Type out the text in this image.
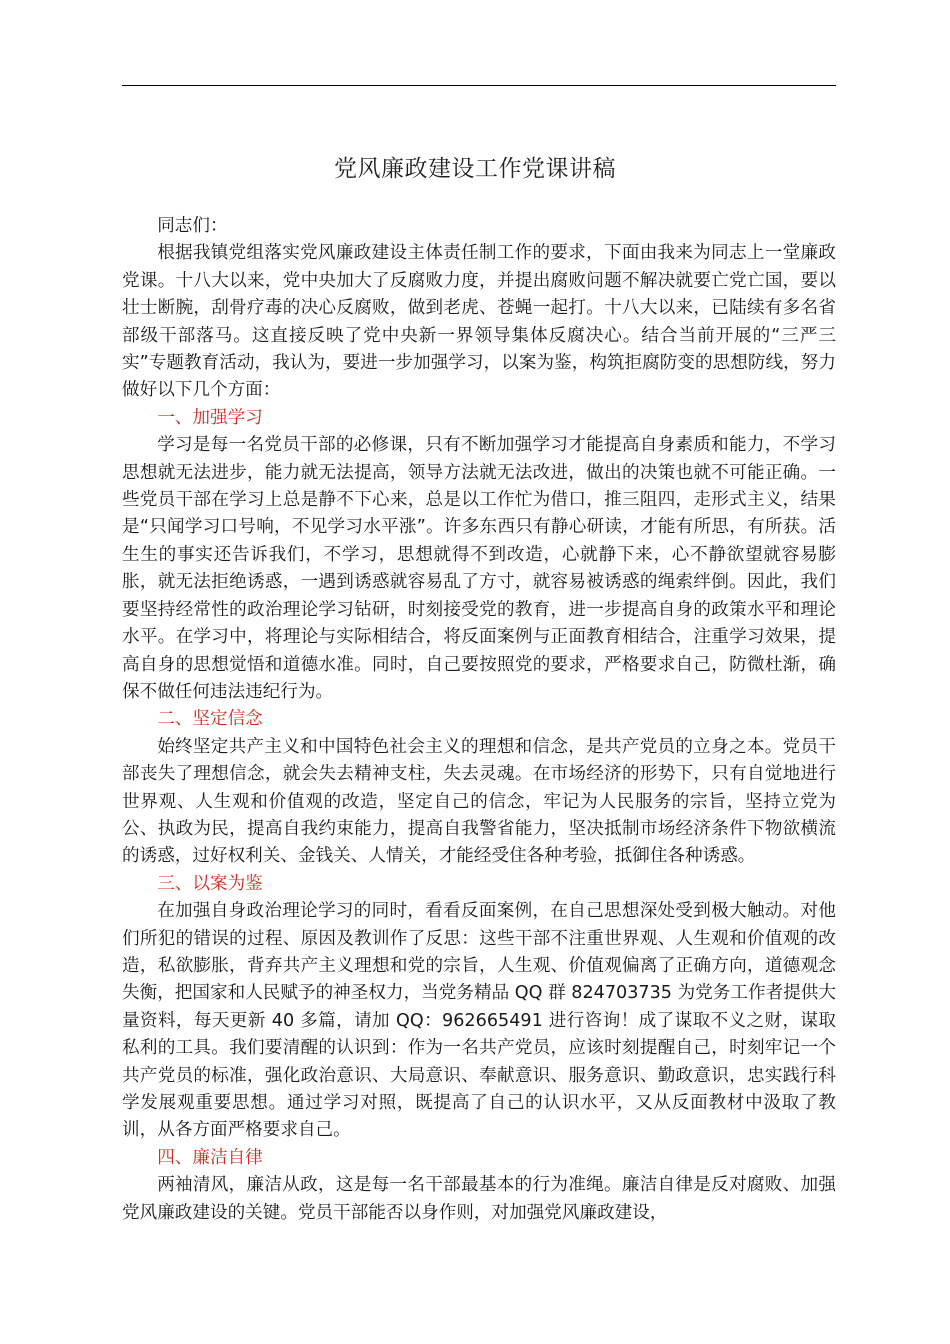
党风廉政建设工作党课讲稿

同志们：

根据我镇党组落实党风廉政建设主体责任制工作的要求，下面由我来为同志上一堂廉政党课。十八大以来，党中央加大了反腐败力度，并提出腐败问题不解决就要亡党亡国，要以壮士断腕，刮骨疗毒的决心反腐败，做到老虎、苍蝇一起打。十八大以来，已陆续有多名省部级干部落马。这直接反映了党中央新一界领导集体反腐决心。结合当前开展的“三严三实”专题教育活动，我认为，要进一步加强学习，以案为鉴，构筑拒腐防变的思想防线，努力做好以下几个方面：

一、加强学习

学习是每一名党员干部的必修课，只有不断加强学习才能提高自身素质和能力，不学习思想就无法进步，能力就无法提高，领导方法就无法改进，做出的决策也就不可能正确。一些党员干部在学习上总是静不下心来，总是以工作忙为借口，推三阻四，走形式主义，结果是“只闻学习口号响，不见学习水平涨”。许多东西只有静心研读，才能有所思，有所获。活生生的事实还告诉我们，不学习，思想就得不到改造，心就静下来，心不静欲望就容易膨胀，就无法拒绝诱惑，一遇到诱惑就容易乱了方寸，就容易被诱惑的绳索绊倒。因此，我们要坚持经常性的政治理论学习钻研，时刻接受党的教育，进一步提高自身的政策水平和理论水平。在学习中，将理论与实际相结合，将反面案例与正面教育相结合，注重学习效果，提高自身的思想觉悟和道德水准。同时，自己要按照党的要求，严格要求自己，防微杜渐，确保不做任何违法违纪行为。

二、坚定信念

始终坚定共产主义和中国特色社会主义的理想和信念，是共产党员的立身之本。党员干部丧失了理想信念，就会失去精神支柱，失去灵魂。在市场经济的形势下，只有自觉地进行世界观、人生观和价值观的改造，坚定自己的信念，牢记为人民服务的宗旨，坚持立党为公、执政为民，提高自我约束能力，提高自我警省能力，坚决抵制市场经济条件下物欲横流的诱惑，过好权利关、金钱关、人情关，才能经受住各种考验，抵御住各种诱惑。

三、以案为鉴

在加强自身政治理论学习的同时，看看反面案例，在自己思想深处受到极大触动。对他们所犯的错误的过程、原因及教训作了反思：这些干部不注重世界观、人生观和价值观的改造，私欲膨胀，背弃共产主义理想和党的宗旨，人生观、价值观偏离了正确方向，道德观念失衡，把国家和人民赋予的神圣权力，当党务精品 QQ 群 824703735 为党务工作者提供大量资料，每天更新 40 多篇，请加 QQ：962665491 进行咨询！成了谋取不义之财，谋取私利的工具。我们要清醒的认识到：作为一名共产党员，应该时刻提醒自己，时刻牢记一个共产党员的标准，强化政治意识、大局意识、奉献意识、服务意识、勤政意识，忠实践行科学发展观重要思想。通过学习对照，既提高了自己的认识水平，又从反面教材中汲取了教训，从各方面严格要求自己。

四、廉洁自律

两袖清风，廉洁从政，这是每一名干部最基本的行为准绳。廉洁自律是反对腐败、加强党风廉政建设的关键。党员干部能否以身作则，对加强党风廉政建设，
